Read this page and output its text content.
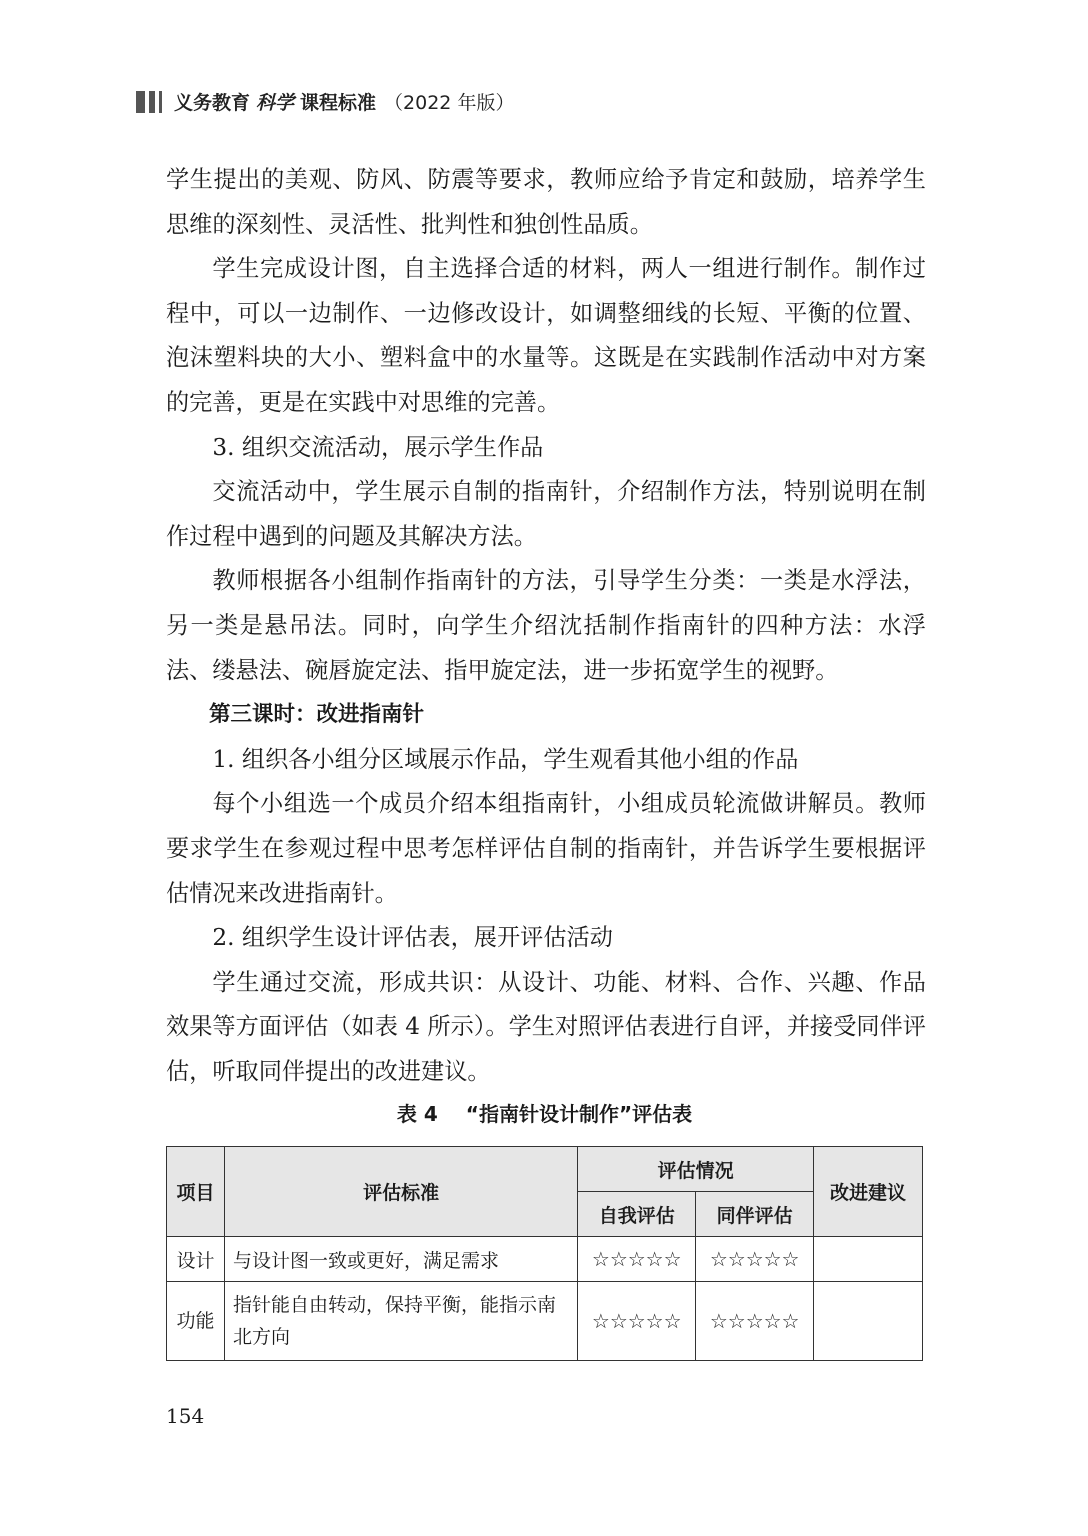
义务教育 科学 课程标准 （2022 年版）

学生提出的美观、防风、防震等要求，教师应给予肯定和鼓励，培养学生思维的深刻性、灵活性、批判性和独创性品质。

学生完成设计图，自主选择合适的材料，两人一组进行制作。制作过程中，可以一边制作、一边修改设计，如调整细线的长短、平衡的位置、泡沫塑料块的大小、塑料盒中的水量等。这既是在实践制作活动中对方案的完善，更是在实践中对思维的完善。

3. 组织交流活动，展示学生作品

交流活动中，学生展示自制的指南针，介绍制作方法，特别说明在制作过程中遇到的问题及其解决方法。

教师根据各小组制作指南针的方法，引导学生分类：一类是水浮法，另一类是悬吊法。同时，向学生介绍沈括制作指南针的四种方法：水浮法、缕悬法、碗唇旋定法、指甲旋定法，进一步拓宽学生的视野。

第三课时：改进指南针

1. 组织各小组分区域展示作品，学生观看其他小组的作品

每个小组选一个成员介绍本组指南针，小组成员轮流做讲解员。教师要求学生在参观过程中思考怎样评估自制的指南针，并告诉学生要根据评估情况来改进指南针。

2. 组织学生设计评估表，展开评估活动

学生通过交流，形成共识：从设计、功能、材料、合作、兴趣、作品效果等方面评估（如表 4 所示）。学生对照评估表进行自评，并接受同伴评估，听取同伴提出的改进建议。

表 4 “指南针设计制作”评估表
项目	评估标准	评估情况		改进建议
		自我评估	同伴评估	
设计	与设计图一致或更好，满足需求	☆☆☆☆☆	☆☆☆☆☆	
功能	指针能自由转动，保持平衡，能指示南北方向	☆☆☆☆☆	☆☆☆☆☆	
154
